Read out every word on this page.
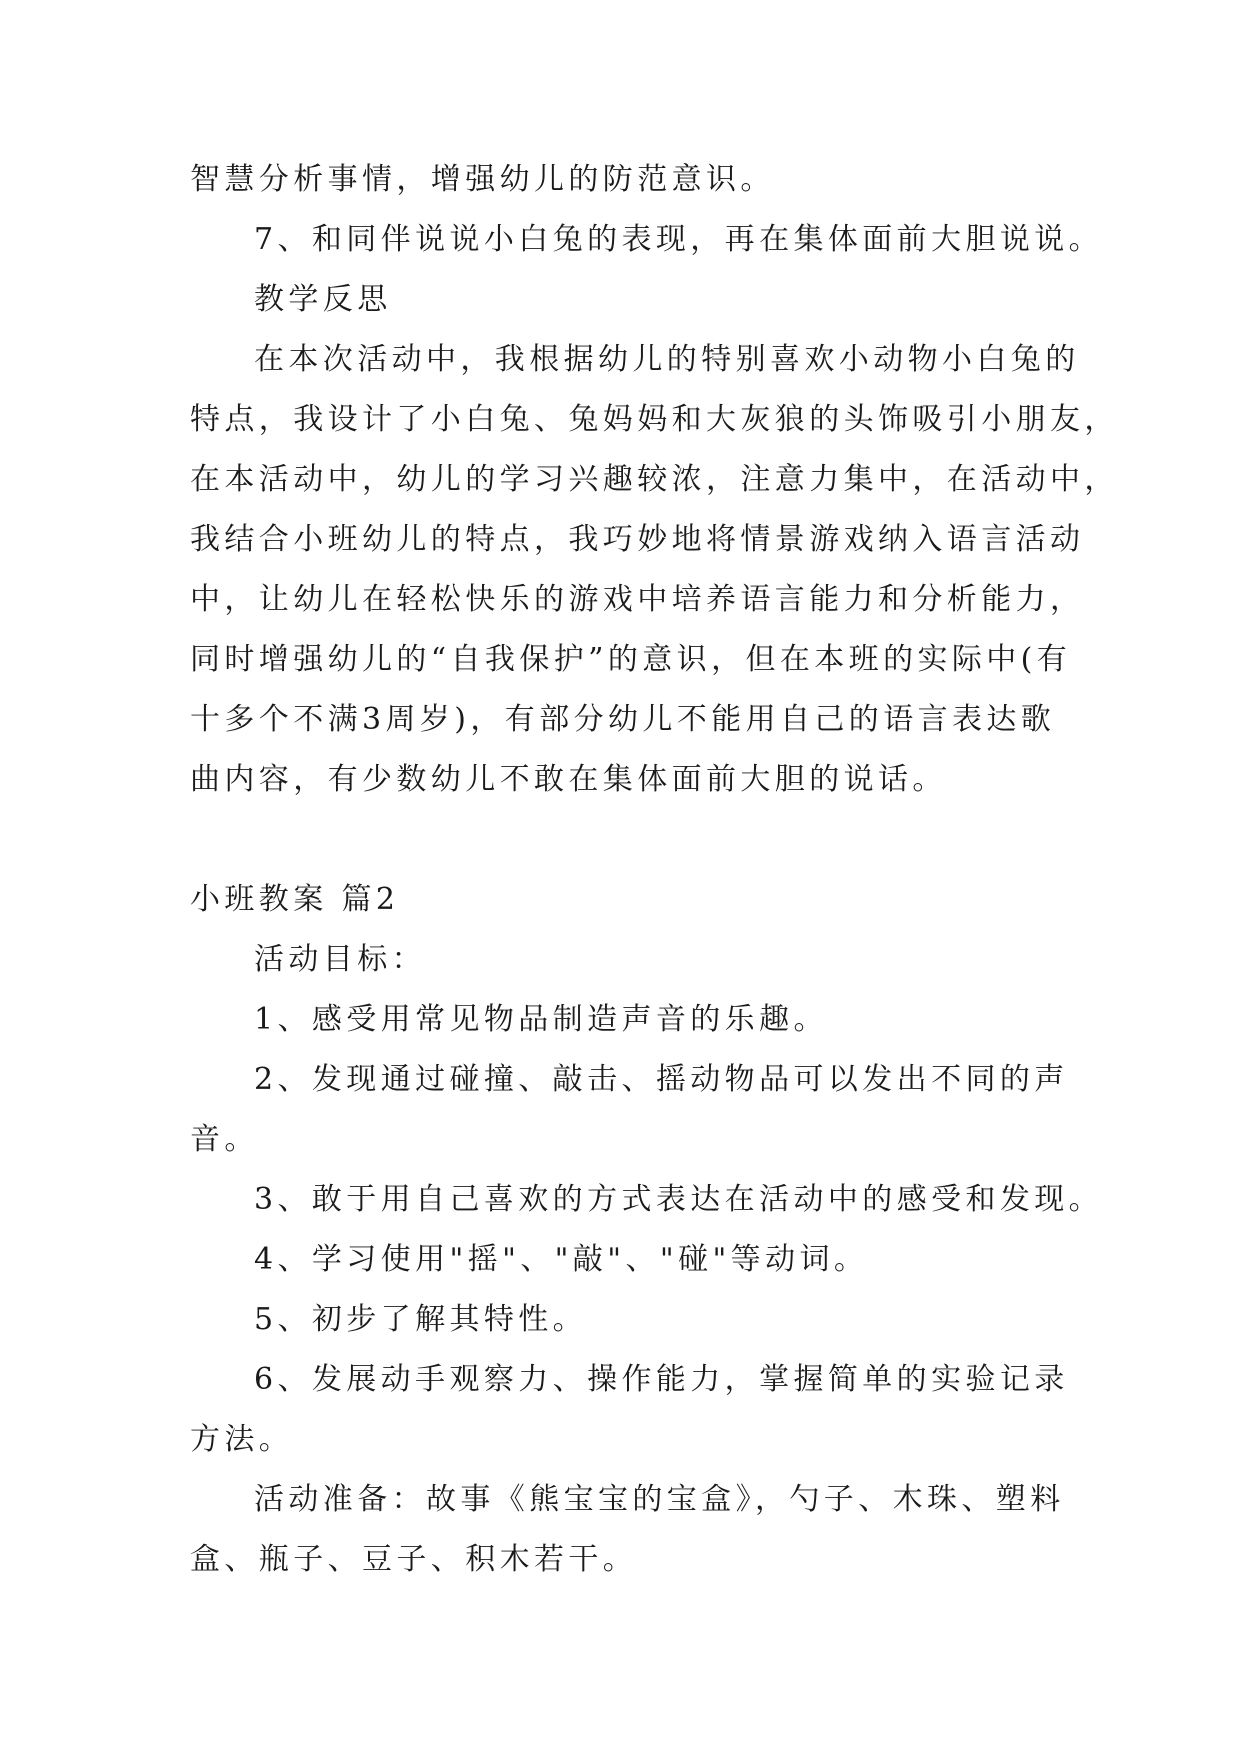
智慧分析事情，增强幼儿的防范意识。
7、和同伴说说小白兔的表现，再在集体面前大胆说说。
教学反思
在本次活动中，我根据幼儿的特别喜欢小动物小白兔的
特点，我设计了小白兔、兔妈妈和大灰狼的头饰吸引小朋友，
在本活动中，幼儿的学习兴趣较浓，注意力集中，在活动中，
我结合小班幼儿的特点，我巧妙地将情景游戏纳入语言活动
中，让幼儿在轻松快乐的游戏中培养语言能力和分析能力，
同时增强幼儿的“自我保护”的意识，但在本班的实际中(有
十多个不满3周岁)，有部分幼儿不能用自己的语言表达歌
曲内容，有少数幼儿不敢在集体面前大胆的说话。
小班教案 篇2
活动目标：
1、感受用常见物品制造声音的乐趣。
2、发现通过碰撞、敲击、摇动物品可以发出不同的声
音。
3、敢于用自己喜欢的方式表达在活动中的感受和发现。
4、学习使用"摇"、"敲"、"碰"等动词。
5、初步了解其特性。
6、发展动手观察力、操作能力，掌握简单的实验记录
方法。
活动准备：故事《熊宝宝的宝盒》，勺子、木珠、塑料
盒、瓶子、豆子、积木若干。
